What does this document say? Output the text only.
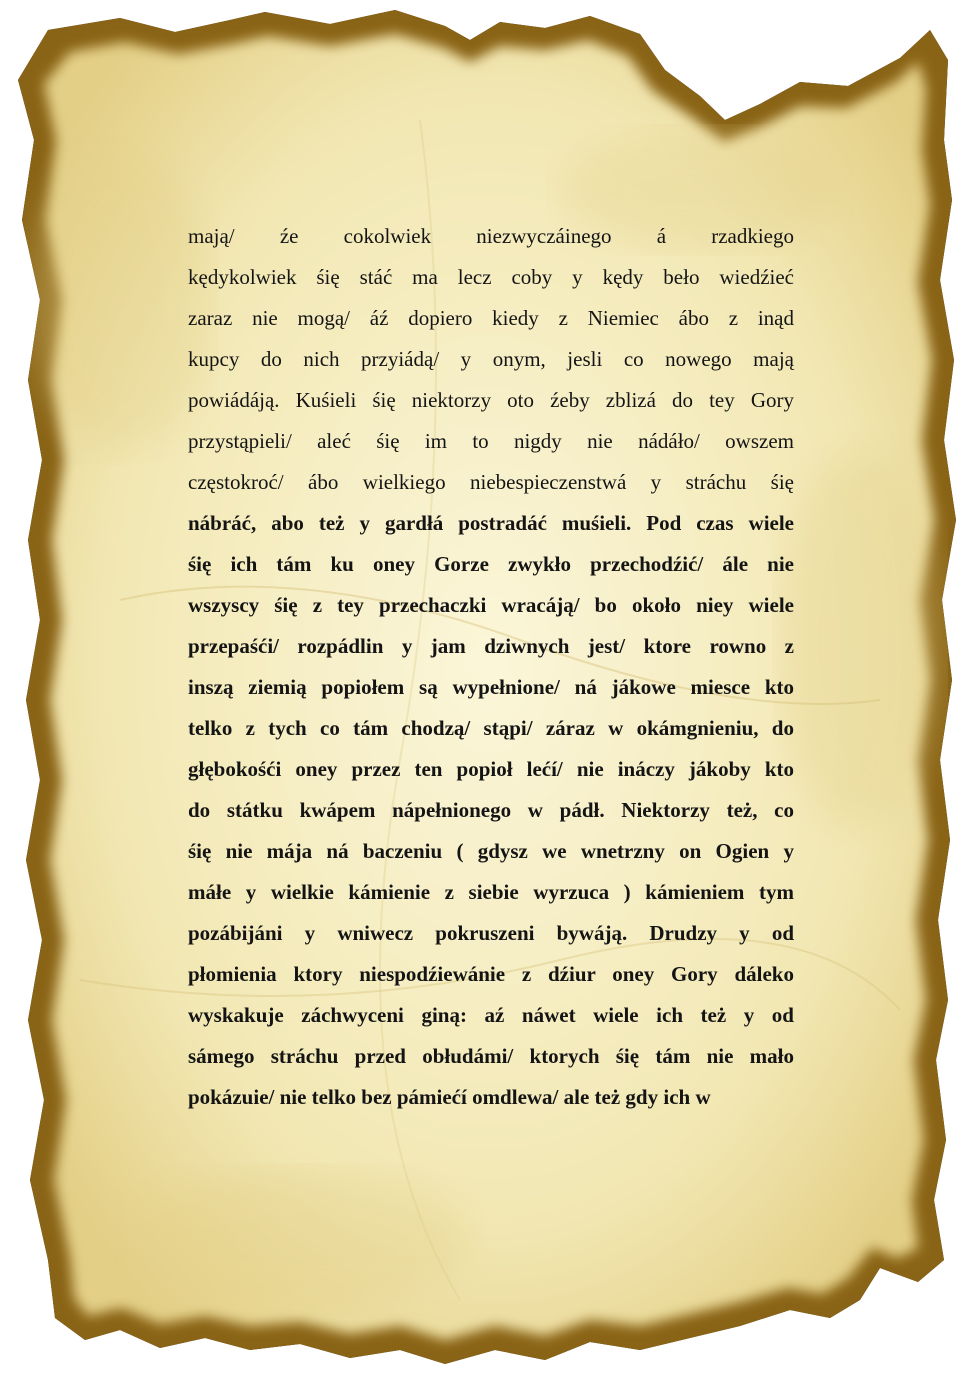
mają/ źe cokolwiek niezwyczáinego á rzadkiego
kędykolwiek śię stáć ma lecz coby y kędy beło wiedźieć
zaraz nie mogą/ áź dopiero kiedy z Niemiec ábo z inąd
kupcy do nich przyiádą/ y onym, jesli co nowego mają
powiádáją. Kuśieli śię niektorzy oto źeby zblizá do tey Gory
przystąpieli/ aleć śię im to nigdy nie nádáło/ owszem
częstokroć/ ábo wielkiego niebespieczenstwá y stráchu śię
nábráć, abo też y gardłá postradáć muśieli. Pod czas wiele
śię ich tám ku oney Gorze zwykło przechodźić/ ále nie
wszyscy śię z tey przechaczki wracáją/ bo około niey wiele
przepaśći/ rozpádlin y jam dziwnych jest/ ktore rowno z
inszą ziemią popiołem są wypełnione/ ná jákowe miesce kto
telko z tych co tám chodzą/ stąpi/ záraz w okámgnieniu, do
głębokośći oney przez ten popioł lećí/ nie ináczy jákoby kto
do státku kwápem nápełnionego w pádł. Niektorzy też, co
śię nie mája ná baczeniu ( gdysz we wnetrzny on Ogien y
máłe y wielkie kámienie z siebie wyrzuca ) kámieniem tym
pozábijáni y wniwecz pokruszeni bywáją. Drudzy y od
płomienia ktory niespodźiewánie z dźiur oney Gory dáleko
wyskakuje záchwyceni giną: aź náwet wiele ich też y od
sámego stráchu przed obłudámi/ ktorych śię tám nie mało
pokázuie/ nie telko bez pámiećí omdlewa/ ale też gdy ich w
